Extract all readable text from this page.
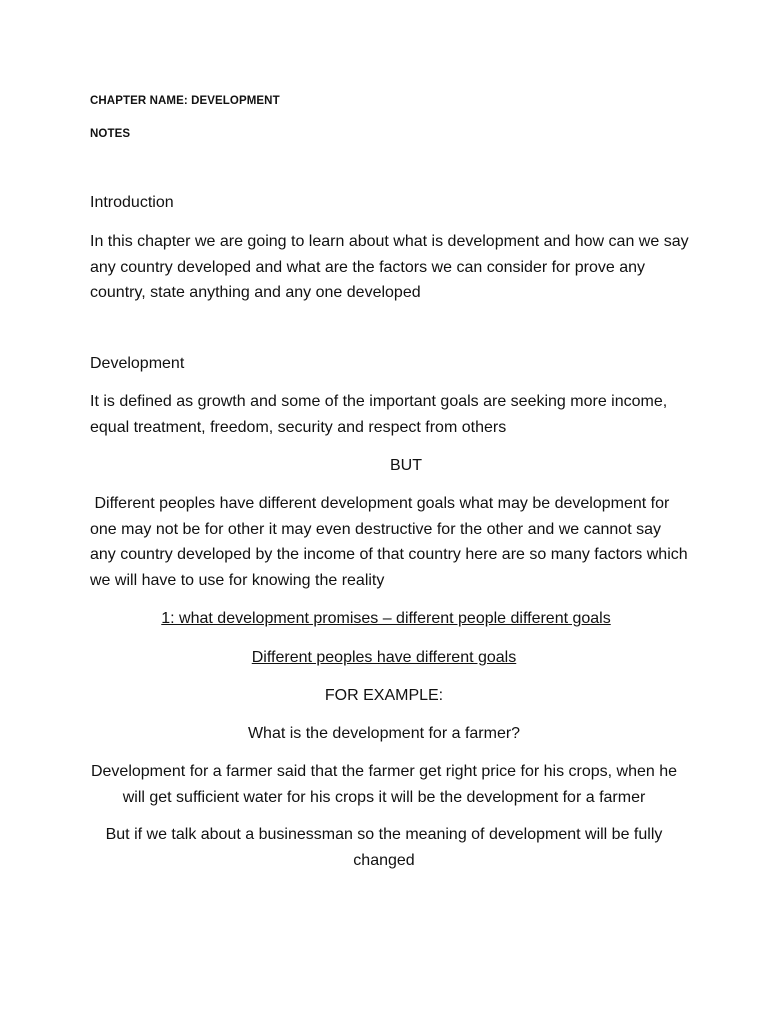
CHAPTER NAME: DEVELOPMENT

NOTES

Introduction

In this chapter we are going to learn about what is development and how can we say any country developed and what are the factors we can consider for prove any country, state anything and any one developed

Development

It is defined as growth and some of the important goals are seeking more income, equal treatment, freedom, security and respect from others

BUT

Different peoples have different development goals what may be development for one may not be for other it may even destructive for the other and we cannot say any country developed by the income of that country here are so many factors which we will have to use for knowing the reality

1: what development promises – different people different goals

Different peoples have different goals

FOR EXAMPLE:

What is the development for a farmer?

Development for a farmer said that the farmer get right price for his crops, when he will get sufficient water for his crops it will be the development for a farmer

But if we talk about a businessman so the meaning of development will be fully changed
